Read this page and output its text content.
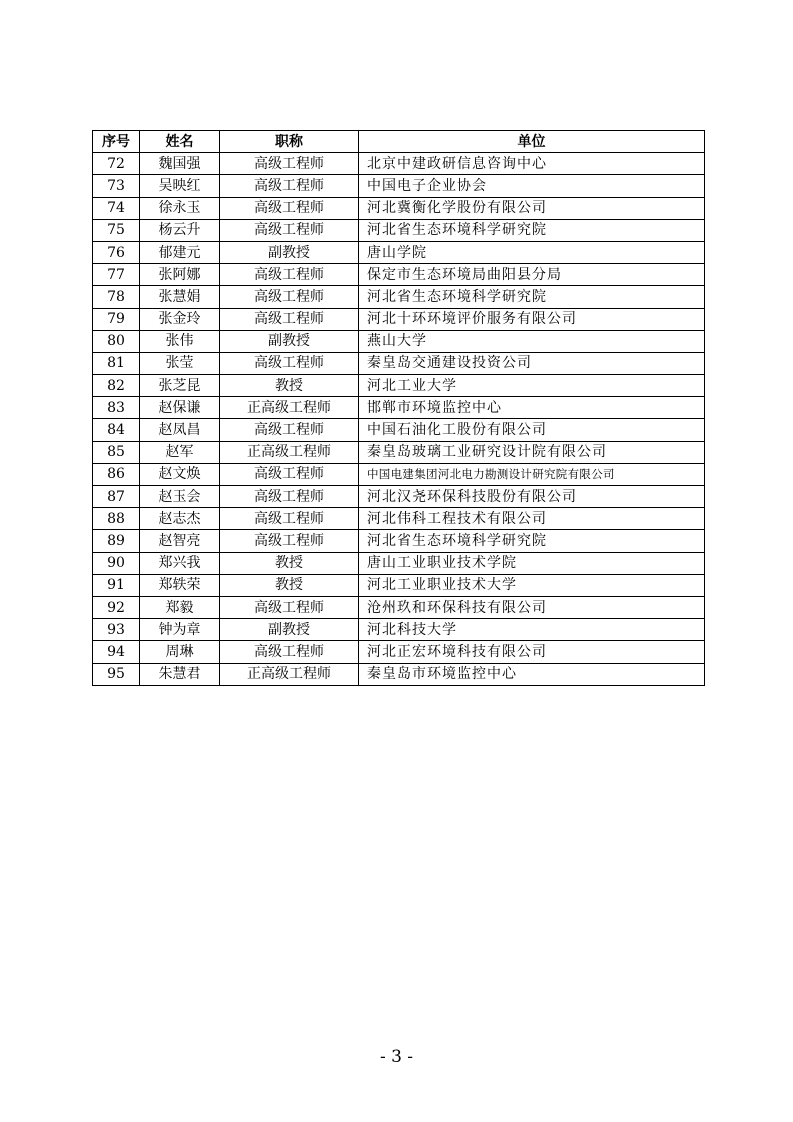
序号	姓名	职称	单位
72	魏国强	高级工程师	北京中建政研信息咨询中心
73	吴映红	高级工程师	中国电子企业协会
74	徐永玉	高级工程师	河北冀衡化学股份有限公司
75	杨云升	高级工程师	河北省生态环境科学研究院
76	郁建元	副教授	唐山学院
77	张阿娜	高级工程师	保定市生态环境局曲阳县分局
78	张慧娟	高级工程师	河北省生态环境科学研究院
79	张金玲	高级工程师	河北十环环境评价服务有限公司
80	张伟	副教授	燕山大学
81	张莹	高级工程师	秦皇岛交通建设投资公司
82	张芝昆	教授	河北工业大学
83	赵保谦	正高级工程师	邯郸市环境监控中心
84	赵凤昌	高级工程师	中国石油化工股份有限公司
85	赵军	正高级工程师	秦皇岛玻璃工业研究设计院有限公司
86	赵文焕	高级工程师	中国电建集团河北电力勘测设计研究院有限公司
87	赵玉会	高级工程师	河北汉尧环保科技股份有限公司
88	赵志杰	高级工程师	河北伟科工程技术有限公司
89	赵智亮	高级工程师	河北省生态环境科学研究院
90	郑兴我	教授	唐山工业职业技术学院
91	郑轶荣	教授	河北工业职业技术大学
92	郑毅	高级工程师	沧州玖和环保科技有限公司
93	钟为章	副教授	河北科技大学
94	周琳	高级工程师	河北正宏环境科技有限公司
95	朱慧君	正高级工程师	秦皇岛市环境监控中心
- 3 -
